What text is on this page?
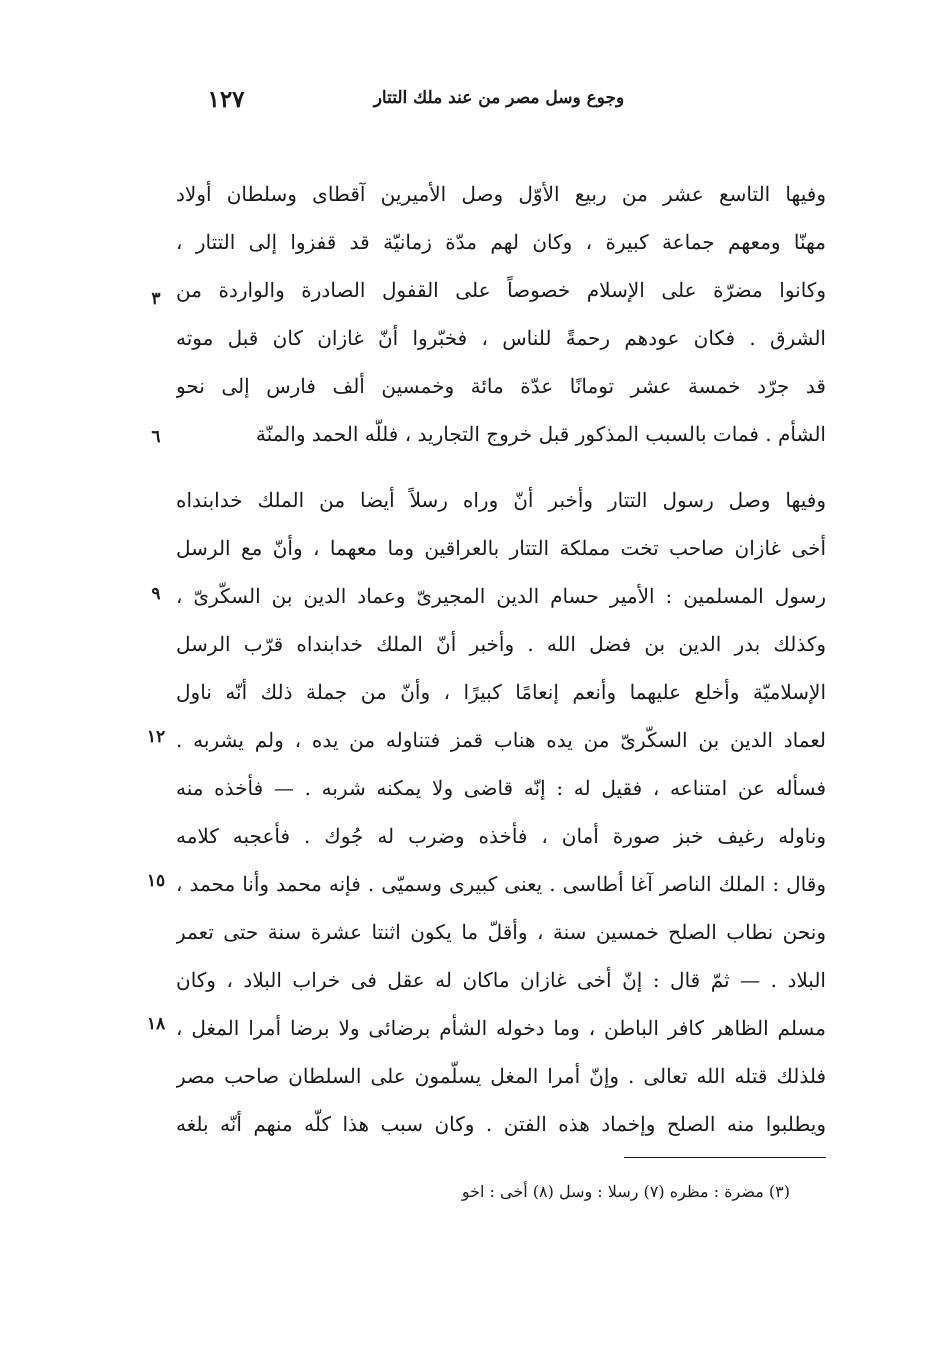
وجوع وسل مصر من عند ملك التتار
١٢٧
وفيها التاسع عشر من ربيع الأوّل وصل الأميرين آقطاى وسلطان أولاد
مهنّا ومعهم جماعة كبيرة ، وكان لهم مدّة زمانيّة قد قفزوا إلى التتار ،
وكانوا مضرّة على الإسلام خصوصاً على القفول الصادرة والواردة من
الشرق . فكان عودهم رحمةً للناس ، فخبّروا أنّ غازان كان قبل موته
قد جرّد خمسة عشر تومانًا عدّة مائة وخمسين ألف فارس إلى نحو
الشأم . فمات بالسبب المذكور قبل خروج التجاريد ، فللّه الحمد والمنّة
وفيها وصل رسول التتار وأخبر أنّ وراه رسلاً أيضا من الملك خدابنداه
أخى غازان صاحب تخت مملكة التتار بالعراقين وما معهما ، وأنّ مع الرسل
رسول المسلمين : الأمير حسام الدين المجيرىّ وعماد الدين بن السكّرىّ ،
وكذلك بدر الدين بن فضل الله . وأخبر أنّ الملك خدابنداه قرّب الرسل
الإسلاميّة وأخلع عليهما وأنعم إنعامًا كبيرًا ، وأنّ من جملة ذلك أنّه ناول
لعماد الدين بن السكّرىّ من يده هناب قمز فتناوله من يده ، ولم يشربه .
فسأله عن امتناعه ، فقيل له : إنّه قاضى ولا يمكنه شربه . — فأخذه منه
وناوله رغيف خبز صورة أمان ، فأخذه وضرب له جُوك . فأعجبه كلامه
وقال : الملك الناصر آغا أطاسى . يعنى كبيرى وسميّى . فإنه محمد وأنا محمد ،
ونحن نطاب الصلح خمسين سنة ، وأقلّ ما يكون اثنتا عشرة سنة حتى تعمر
البلاد . — ثمّ قال : إنّ أخى غازان ماكان له عقل فى خراب البلاد ، وكان
مسلم الظاهر كافر الباطن ، وما دخوله الشأم برضائى ولا برضا أمرا المغل ،
فلذلك قتله الله تعالى . وإنّ أمرا المغل يسلّمون على السلطان صاحب مصر
ويطلبوا منه الصلح وإخماد هذه الفتن . وكان سبب هذا كلّه منهم أنّه بلغه
٣
٦
٩
١٢
١٥
١٨
(٣) مضرة : مظره (٧) رسلا : وسل (٨) أخى : اخو
